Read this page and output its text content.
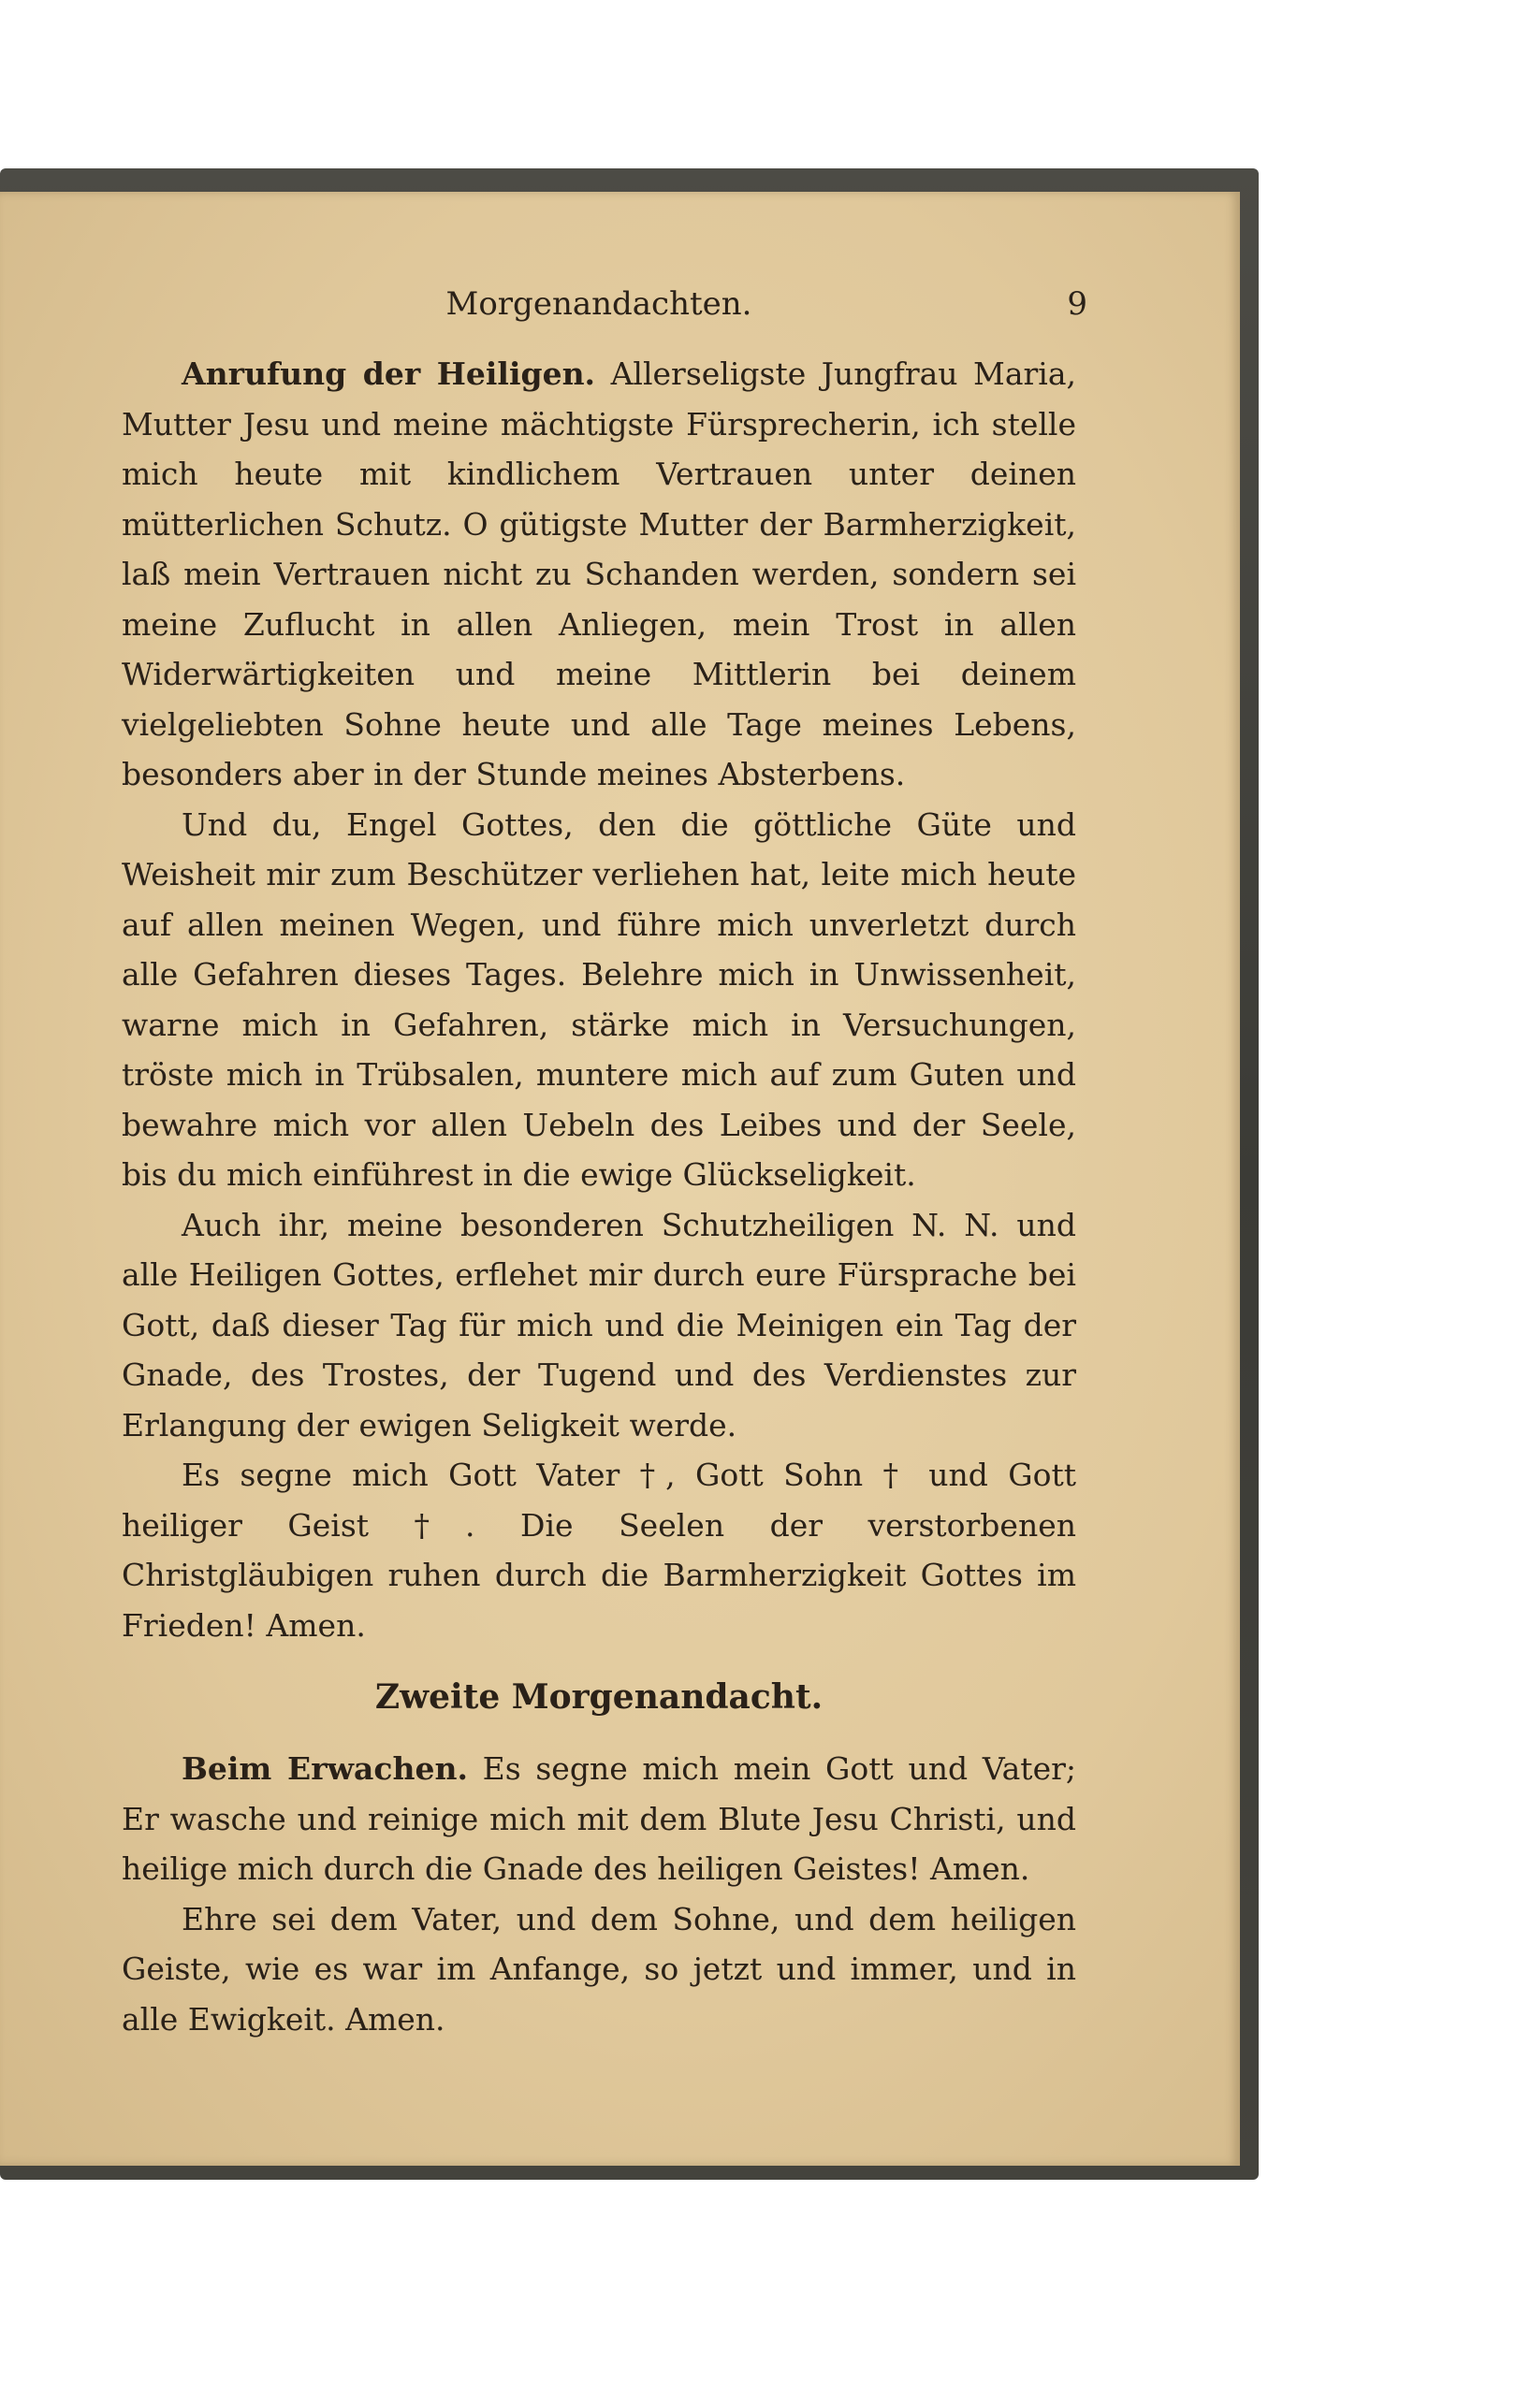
Morgenandachten.	9

Anrufung der Heiligen. Allerseligste Jungfrau Maria, Mutter Jesu und meine mächtigste Fürsprecherin, ich stelle mich heute mit kindlichem Vertrauen unter deinen mütterlichen Schutz. O gütigste Mutter der Barmherzigkeit, laß mein Vertrauen nicht zu Schanden werden, sondern sei meine Zuflucht in allen Anliegen, mein Trost in allen Widerwärtigkeiten und meine Mittlerin bei deinem vielgeliebten Sohne heute und alle Tage meines Lebens, besonders aber in der Stunde meines Absterbens.

Und du, Engel Gottes, den die göttliche Güte und Weisheit mir zum Beschützer verliehen hat, leite mich heute auf allen meinen Wegen, und führe mich unverletzt durch alle Gefahren dieses Tages. Belehre mich in Unwissenheit, warne mich in Gefahren, stärke mich in Versuchungen, tröste mich in Trübsalen, muntere mich auf zum Guten und bewahre mich vor allen Uebeln des Leibes und der Seele, bis du mich einführest in die ewige Glückseligkeit.

Auch ihr, meine besonderen Schutzheiligen N. N. und alle Heiligen Gottes, erflehet mir durch eure Fürsprache bei Gott, daß dieser Tag für mich und die Meinigen ein Tag der Gnade, des Trostes, der Tugend und des Verdienstes zur Erlangung der ewigen Seligkeit werde.

Es segne mich Gott Vater †, Gott Sohn † und Gott heiliger Geist †. Die Seelen der verstorbenen Christgläubigen ruhen durch die Barmherzigkeit Gottes im Frieden! Amen.

Zweite Morgenandacht.

Beim Erwachen. Es segne mich mein Gott und Vater; Er wasche und reinige mich mit dem Blute Jesu Christi, und heilige mich durch die Gnade des heiligen Geistes! Amen.

Ehre sei dem Vater, und dem Sohne, und dem heiligen Geiste, wie es war im Anfange, so jetzt und immer, und in alle Ewigkeit. Amen.
